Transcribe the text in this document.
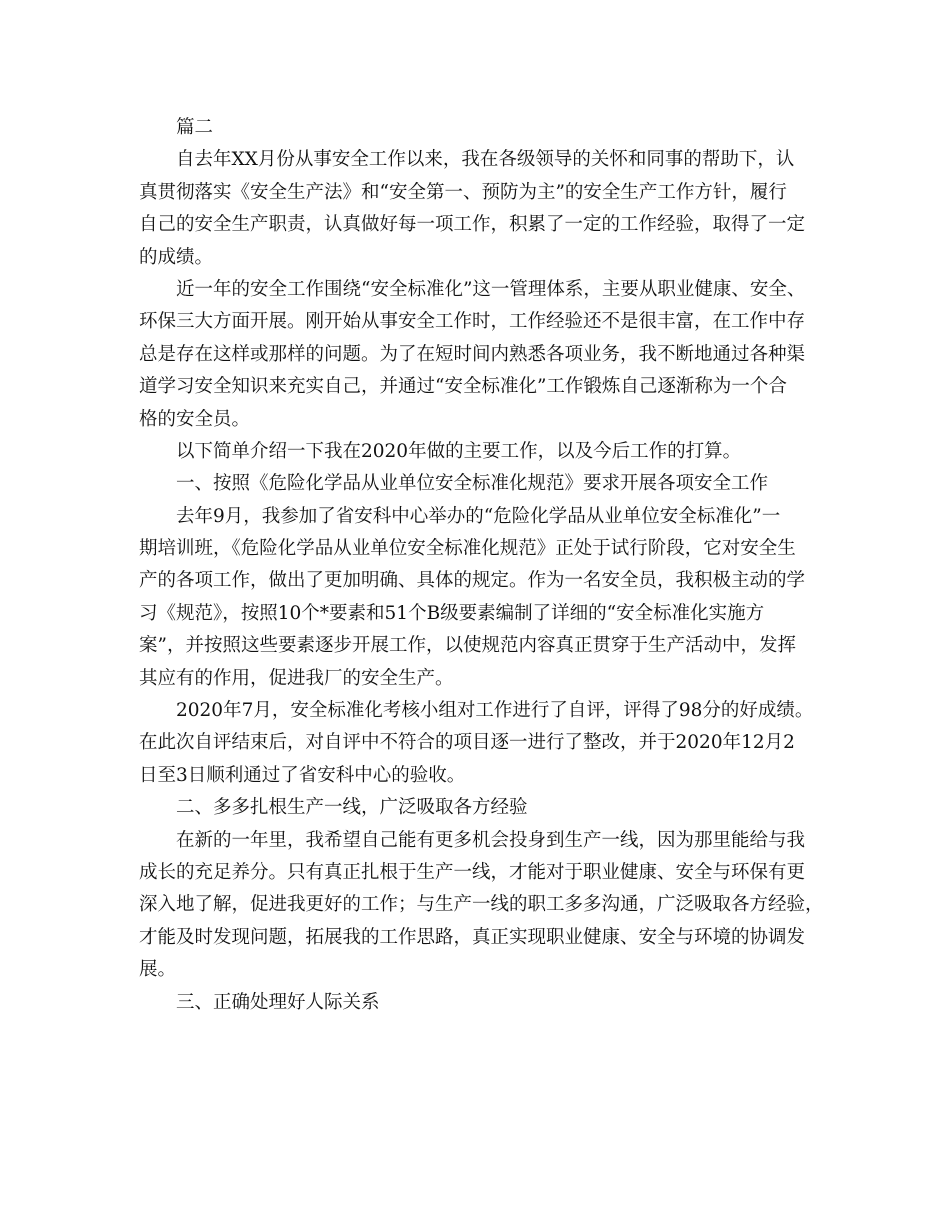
篇二
自去年XX月份从事安全工作以来，我在各级领导的关怀和同事的帮助下，认
真贯彻落实《安全生产法》和“安全第一、预防为主”的安全生产工作方针，履行
自己的安全生产职责，认真做好每一项工作，积累了一定的工作经验，取得了一定
的成绩。
近一年的安全工作围绕“安全标准化”这一管理体系，主要从职业健康、安全、
环保三大方面开展。刚开始从事安全工作时，工作经验还不是很丰富，在工作中存
总是存在这样或那样的问题。为了在短时间内熟悉各项业务，我不断地通过各种渠
道学习安全知识来充实自己，并通过“安全标准化”工作锻炼自己逐渐称为一个合
格的安全员。
以下简单介绍一下我在2020年做的主要工作，以及今后工作的打算。
一、按照《危险化学品从业单位安全标准化规范》要求开展各项安全工作
去年9月，我参加了省安科中心举办的“危险化学品从业单位安全标准化”一
期培训班，《危险化学品从业单位安全标准化规范》正处于试行阶段，它对安全生
产的各项工作，做出了更加明确、具体的规定。作为一名安全员，我积极主动的学
习《规范》，按照10个*要素和51个B级要素编制了详细的“安全标准化实施方
案”，并按照这些要素逐步开展工作，以使规范内容真正贯穿于生产活动中，发挥
其应有的作用，促进我厂的安全生产。
2020年7月，安全标准化考核小组对工作进行了自评，评得了98分的好成绩。
在此次自评结束后，对自评中不符合的项目逐一进行了整改，并于2020年12月2
日至3日顺利通过了省安科中心的验收。
二、多多扎根生产一线，广泛吸取各方经验
在新的一年里，我希望自己能有更多机会投身到生产一线，因为那里能给与我
成长的充足养分。只有真正扎根于生产一线，才能对于职业健康、安全与环保有更
深入地了解，促进我更好的工作；与生产一线的职工多多沟通，广泛吸取各方经验，
才能及时发现问题，拓展我的工作思路，真正实现职业健康、安全与环境的协调发
展。
三、正确处理好人际关系
